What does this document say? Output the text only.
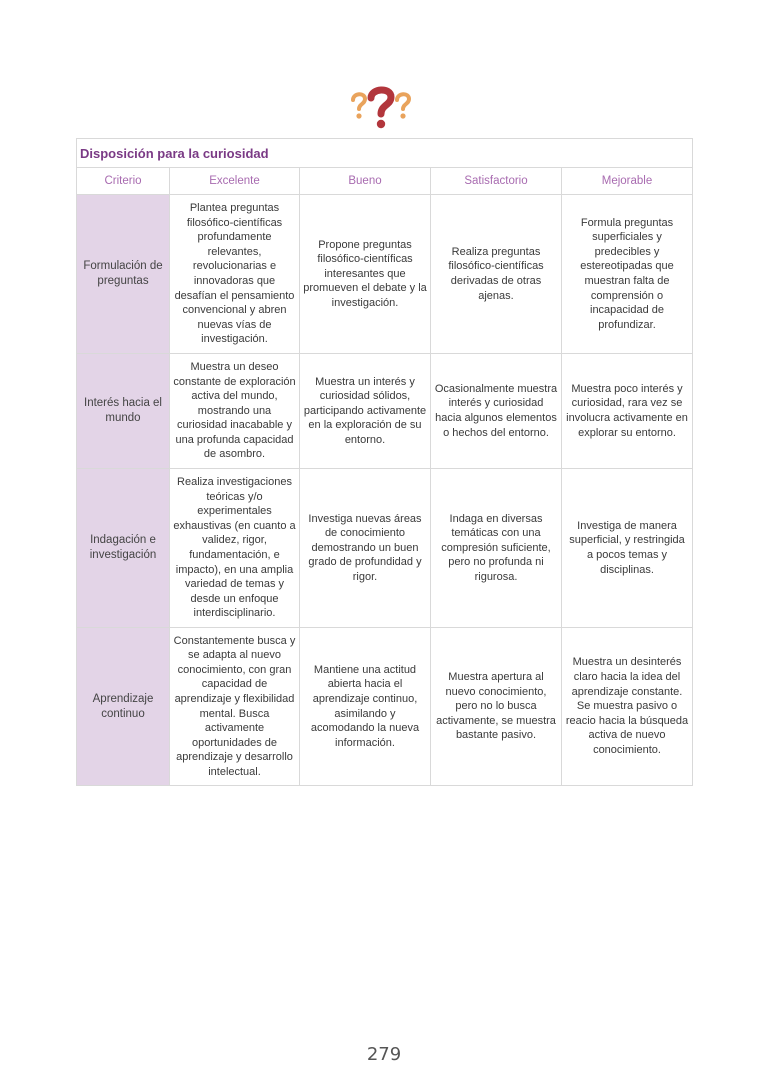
Disposición para la curiosidad				
Criterio	Excelente	Bueno	Satisfactorio	Mejorable
Formulación de preguntas	Plantea preguntas filosófico-científicas profundamente relevantes, revolucionarias e innovadoras que desafían el pensamiento convencional y abren nuevas vías de investigación.	Propone preguntas filosófico-científicas interesantes que promueven el debate y la investigación.	Realiza preguntas filosófico-científicas derivadas de otras ajenas.	Formula preguntas superficiales y predecibles y estereotipadas que muestran falta de comprensión o incapacidad de profundizar.
Interés hacia el mundo	Muestra un deseo constante de exploración activa del mundo, mostrando una curiosidad inacabable y una profunda capacidad de asombro.	Muestra un interés y curiosidad sólidos, participando activamente en la exploración de su entorno.	Ocasionalmente muestra interés y curiosidad hacia algunos elementos o hechos del entorno.	Muestra poco interés y curiosidad, rara vez se involucra activamente en explorar su entorno.
Indagación e investigación	Realiza investigaciones teóricas y/o experimentales exhaustivas (en cuanto a validez, rigor, fundamentación, e impacto), en una amplia variedad de temas y desde un enfoque interdisciplinario.	Investiga nuevas áreas de conocimiento demostrando un buen grado de profundidad y rigor.	Indaga en diversas temáticas con una compresión suficiente, pero no profunda ni rigurosa.	Investiga de manera superficial, y restringida a pocos temas y disciplinas.
Aprendizaje continuo	Constantemente busca y se adapta al nuevo conocimiento, con gran capacidad de aprendizaje y flexibilidad mental. Busca activamente oportunidades de aprendizaje y desarrollo intelectual.	Mantiene una actitud abierta hacia el aprendizaje continuo, asimilando y acomodando la nueva información.	Muestra apertura al nuevo conocimiento, pero no lo busca activamente, se muestra bastante pasivo.	Muestra un desinterés claro hacia la idea del aprendizaje constante. Se muestra pasivo o reacio hacia la búsqueda activa de nuevo conocimiento.
279
